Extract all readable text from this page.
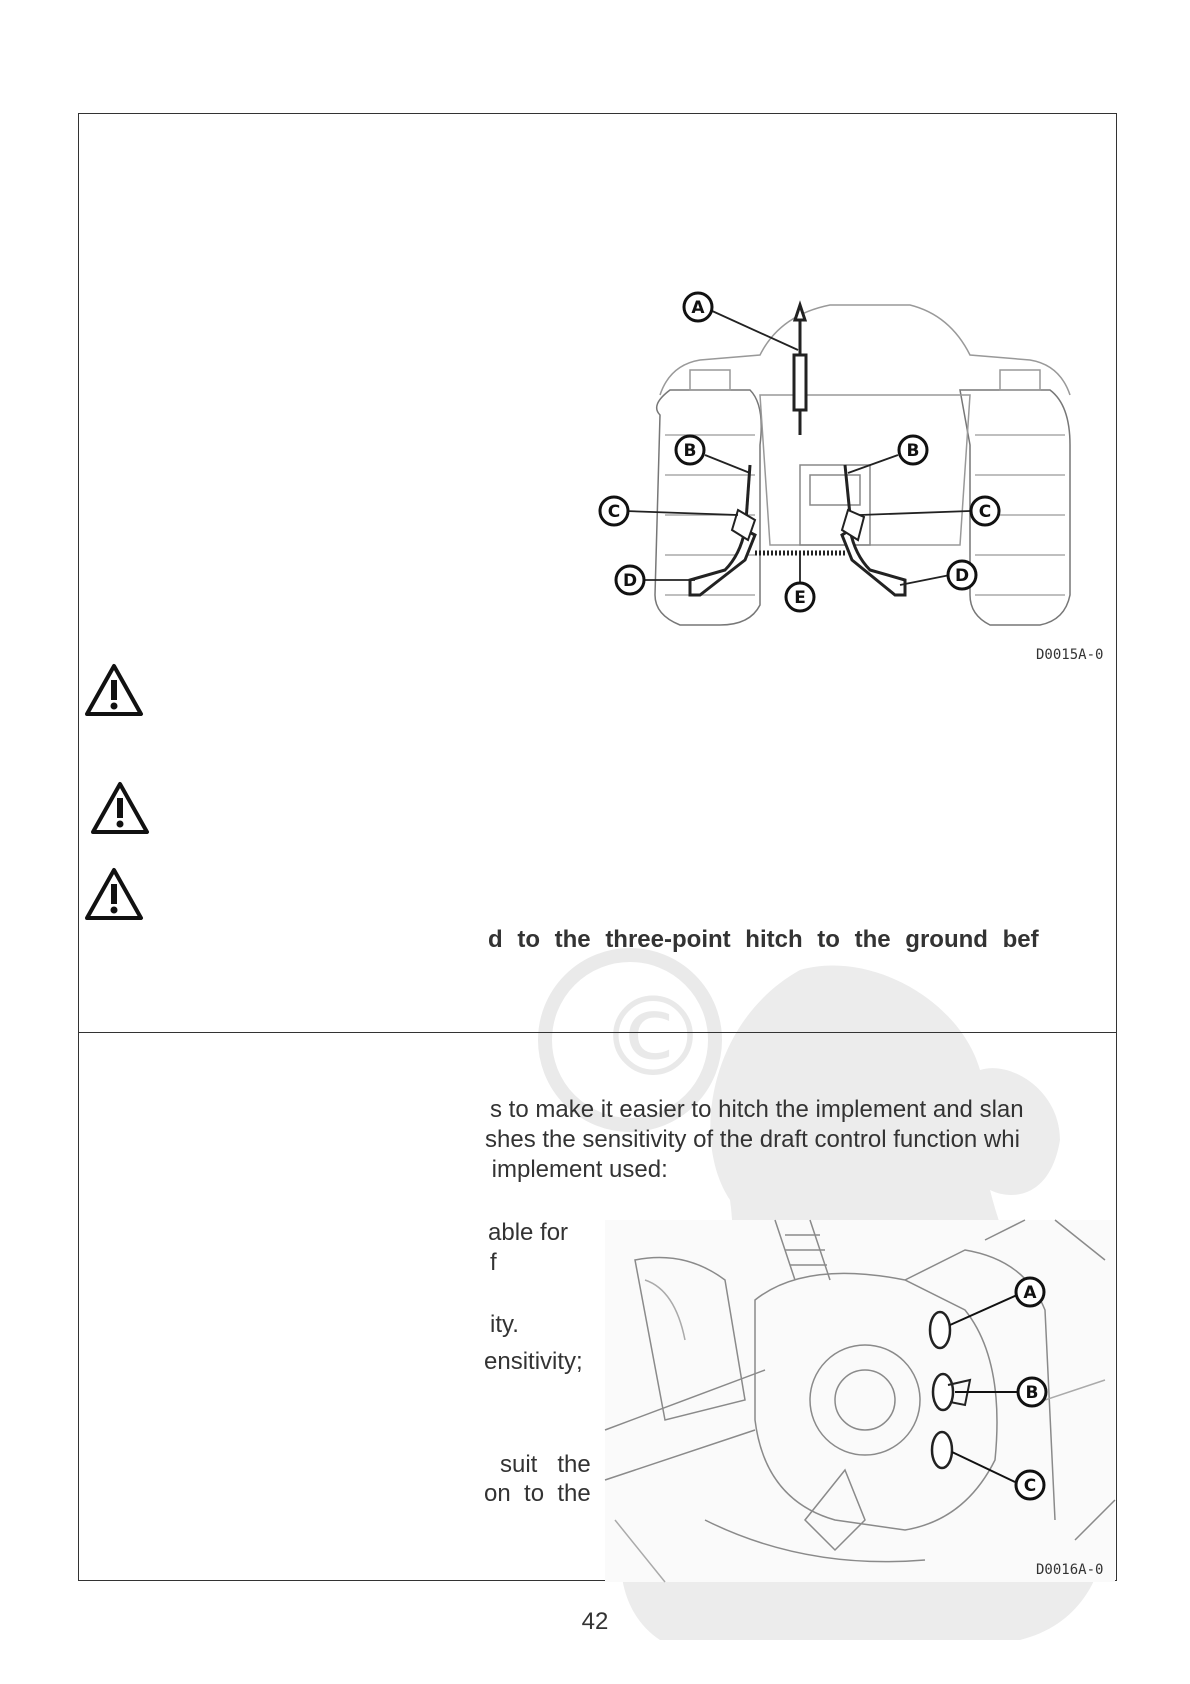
©
A
B	B
C	C
D	D
E
D0015A-0
d to the three-point hitch to the ground bef
s to make it easier to hitch the implement and slan
shes the sensitivity of the draft control function whi
implement used:
able for
f
ity.
ensitivity;
suit   the
on  to  the
A
B
C
D0016A-0
42
